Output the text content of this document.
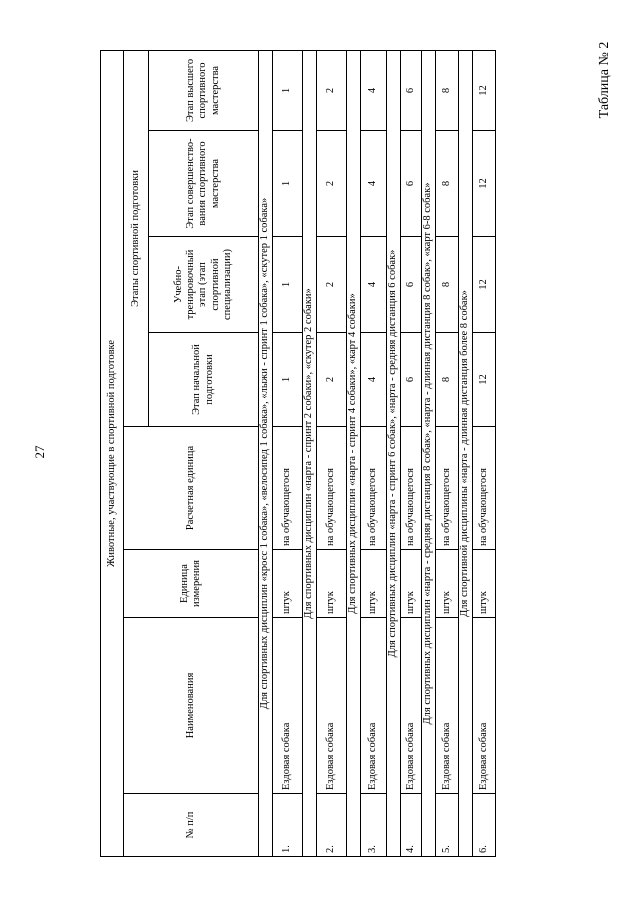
27
Таблица № 2
Животные, участвующие в спортивной подготовке							
№ п/п	Наименования	Единица измерения	Расчетная единица	Этапы спортивной подготовки			
				Этап начальной подготовки	Учебно-тренировочный этап (этап спортивной специализации)	Этап совершенство-вания спортивного мастерства	Этап высшего спортивного мастерства
Для спортивных дисциплин «кросс 1 собака», «велосипед 1 собака», «лыжи - спринт 1 собака», «скутер 1 собака»							
1.	Ездовая собака	штук	на обучающегося	1	1	1	1
Для спортивных дисциплин «нарта - спринт 2 собаки», «скутер 2 собаки»							
2.	Ездовая собака	штук	на обучающегося	2	2	2	2
Для спортивных дисциплин «нарта - спринт 4 собаки», «карт 4 собаки»							
3.	Ездовая собака	штук	на обучающегося	4	4	4	4
Для спортивных дисциплин «нарта - спринт 6 собак», «нарта - средняя дистанция 6 собак»							
4.	Ездовая собака	штук	на обучающегося	6	6	6	6
Для спортивных дисциплин «нарта - средняя дистанция 8 собак», «нарта - длинная дистанция 8 собак», «карт 6-8 собак»							
5.	Ездовая собака	штук	на обучающегося	8	8	8	8
Для спортивной дисциплины «нарта - длинная дистанция более 8 собак»							
6.	Ездовая собака	штук	на обучающегося	12	12	12	12
